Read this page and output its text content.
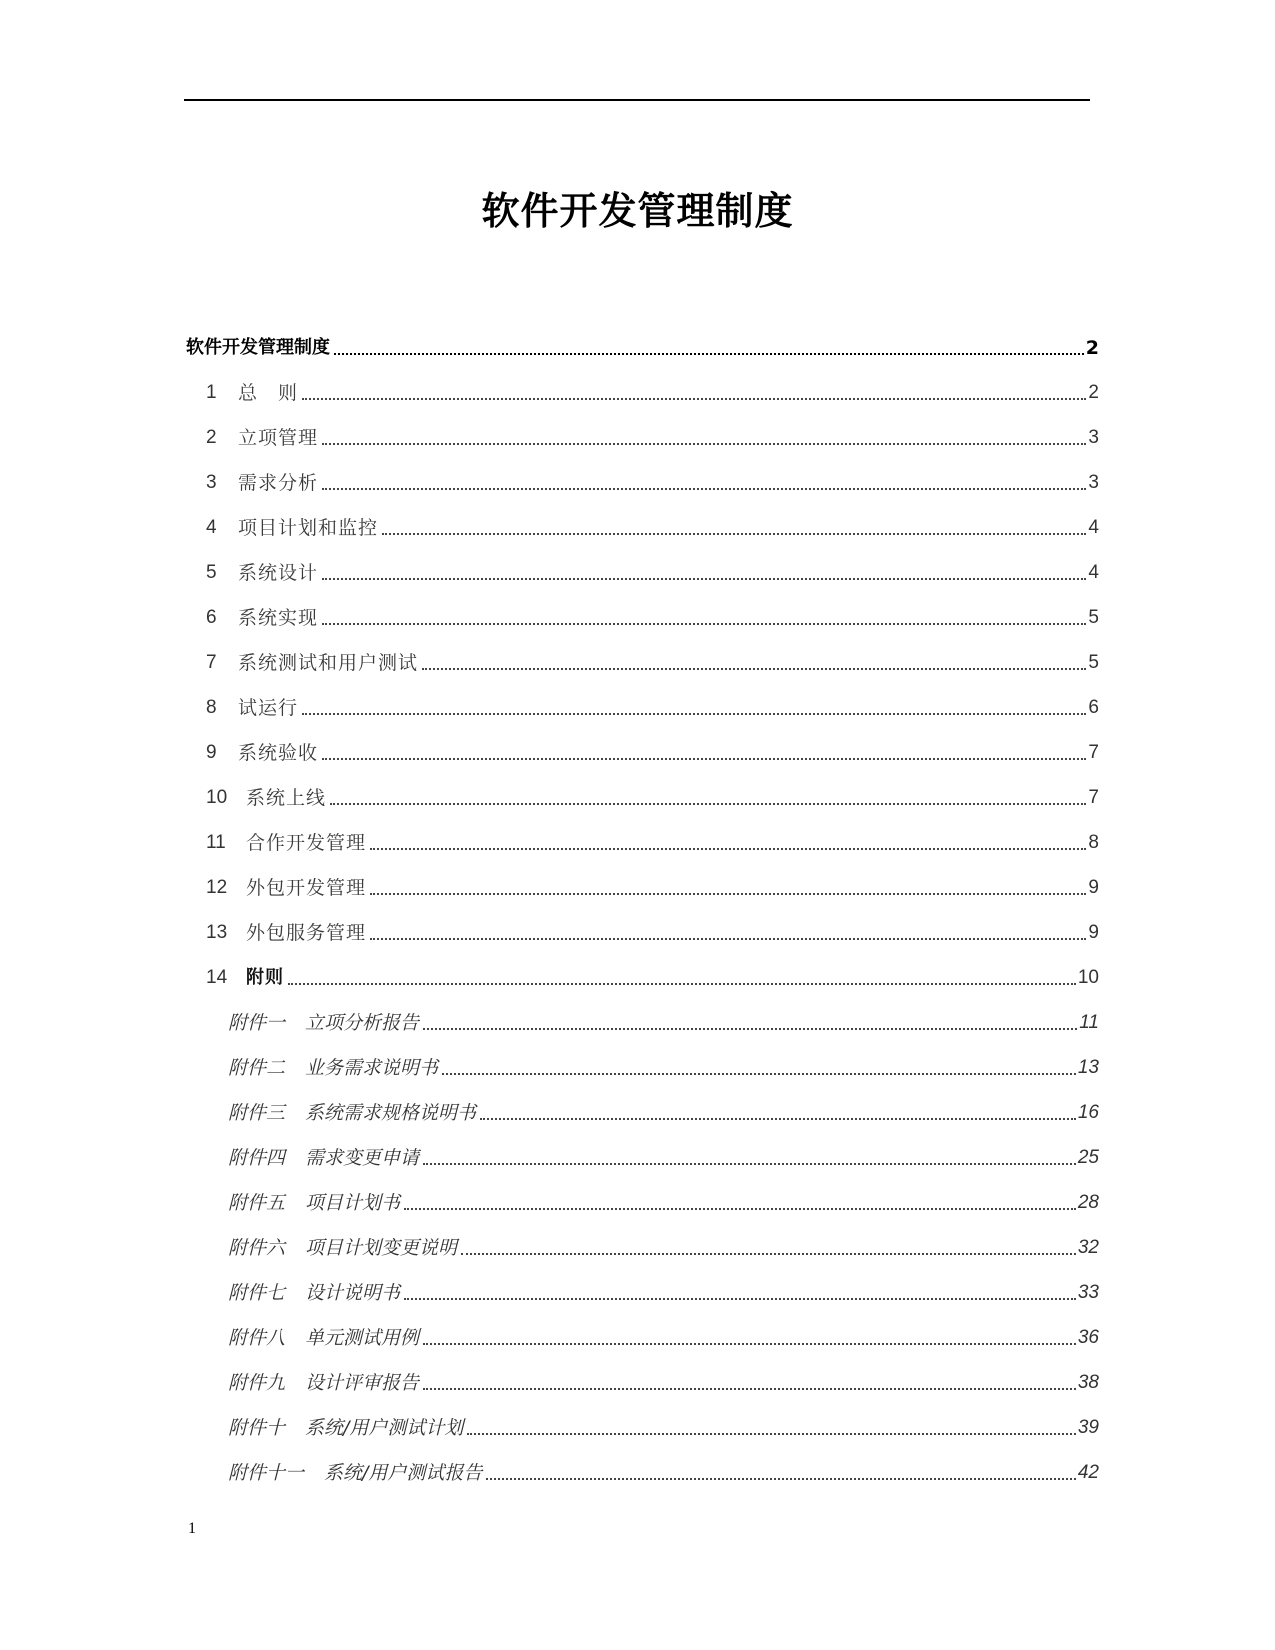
软件开发管理制度
软件开发管理制度	2
1	总　则	2
2	立项管理	3
3	需求分析	3
4	项目计划和监控	4
5	系统设计	4
6	系统实现	5
7	系统测试和用户测试	5
8	试运行	6
9	系统验收	7
10 系统上线	7
11	合作开发管理	8
12 外包开发管理	9
13 外包服务管理	9
14	附则	10
附件一 立项分析报告	11
附件二 业务需求说明书	13
附件三 系统需求规格说明书	16
附件四 需求变更申请	25
附件五 项目计划书	28
附件六 项目计划变更说明	32
附件七 设计说明书	33
附件八 单元测试用例	36
附件九 设计评审报告	38
附件十 系统/用户测试计划	39
附件十一 系统/用户测试报告	42
1
